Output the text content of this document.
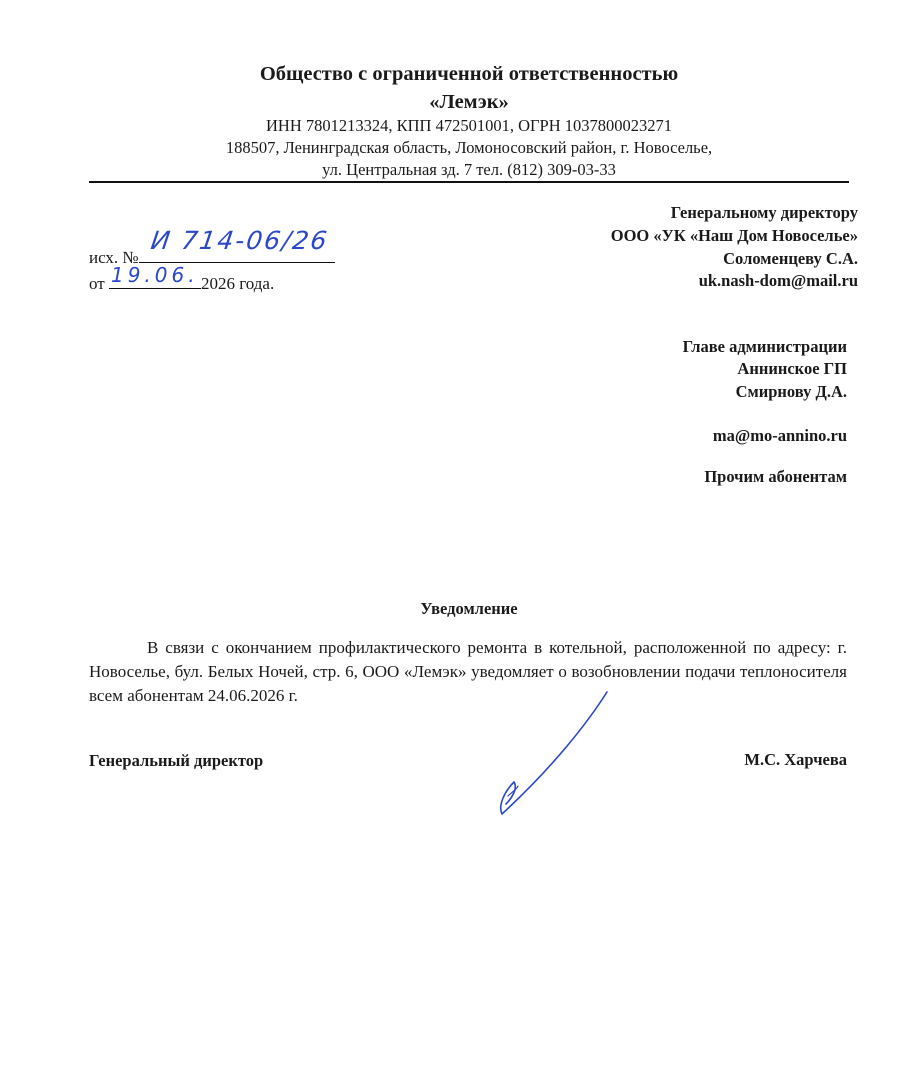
Общество с ограниченной ответственностью
«Лемэк»
ИНН 7801213324, КПП 472501001, ОГРН 1037800023271
188507, Ленинградская область, Ломоносовский район, г. Новоселье,
ул. Центральная зд. 7 тел. (812) 309-03-33
исх. №
И 714-06/26
от 19.06. 2026 года.
Генеральному директору
ООО «УК «Наш Дом Новоселье»
Соломенцеву С.А.
uk.nash-dom@mail.ru
Главе администрации
Аннинское ГП
Смирнову Д.А.
ma@mo-annino.ru
Прочим абонентам
Уведомление
В связи с окончанием профилактического ремонта в котельной, расположенной по адресу: г. Новоселье, бул. Белых Ночей, стр. 6, ООО «Лемэк» уведомляет о возобновлении подачи теплоносителя всем абонентам 24.06.2026 г.
Генеральный директор	М.С. Харчева
